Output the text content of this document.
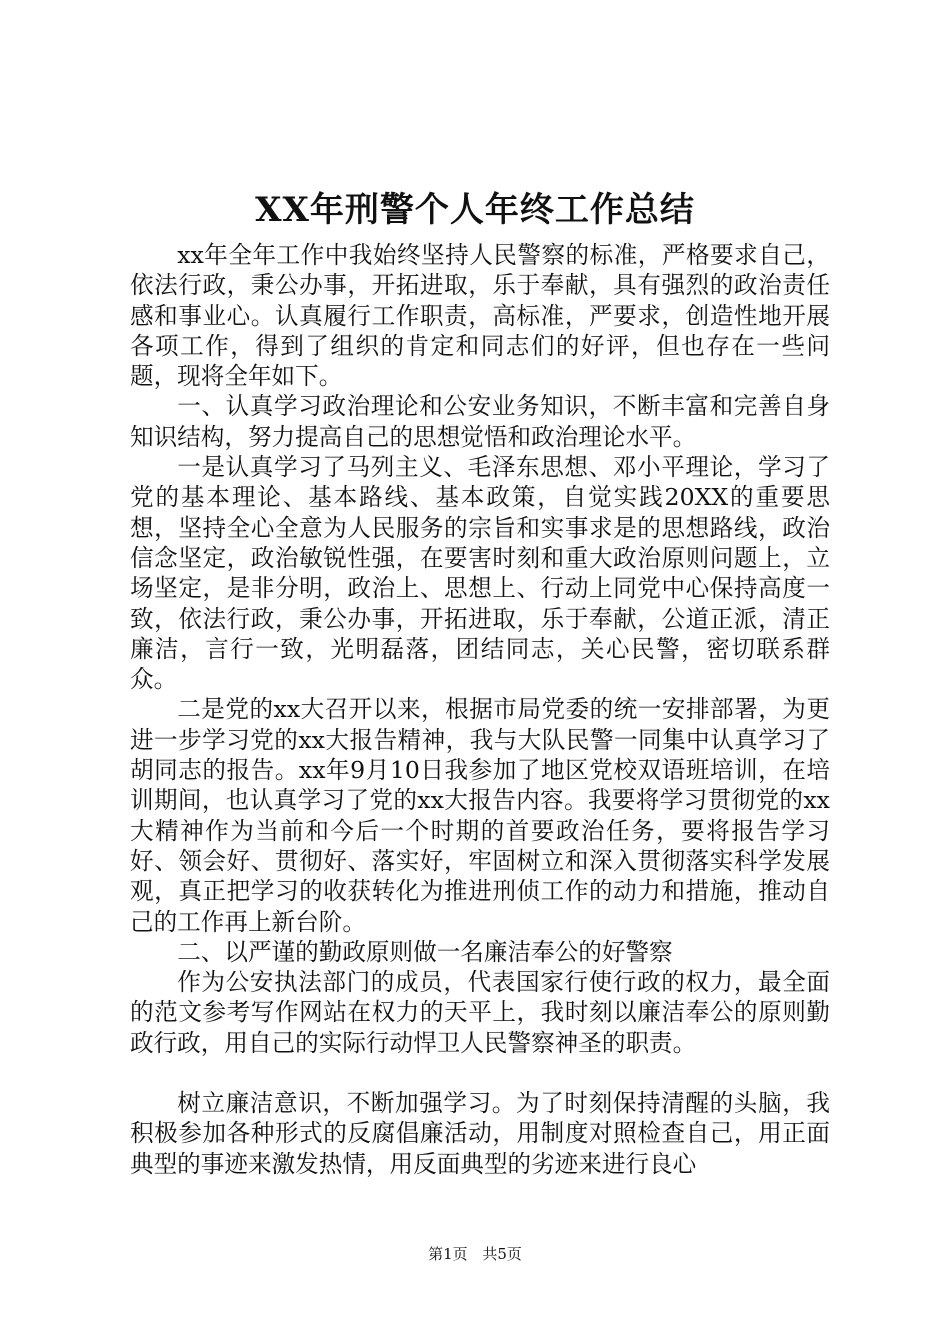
XX年刑警个人年终工作总结

xx年全年工作中我始终坚持人民警察的标准，严格要求自己，依法行政，秉公办事，开拓进取，乐于奉献，具有强烈的政治责任感和事业心。认真履行工作职责，高标准，严要求，创造性地开展各项工作，得到了组织的肯定和同志们的好评，但也存在一些问题，现将全年如下。

一、认真学习政治理论和公安业务知识，不断丰富和完善自身知识结构，努力提高自己的思想觉悟和政治理论水平。

一是认真学习了马列主义、毛泽东思想、邓小平理论，学习了党的基本理论、基本路线、基本政策，自觉实践20XX的重要思想，坚持全心全意为人民服务的宗旨和实事求是的思想路线，政治信念坚定，政治敏锐性强，在要害时刻和重大政治原则问题上，立场坚定，是非分明，政治上、思想上、行动上同党中心保持高度一致，依法行政，秉公办事，开拓进取，乐于奉献，公道正派，清正廉洁，言行一致，光明磊落，团结同志，关心民警，密切联系群众。

二是党的xx大召开以来，根据市局党委的统一安排部署，为更进一步学习党的xx大报告精神，我与大队民警一同集中认真学习了胡同志的报告。xx年9月10日我参加了地区党校双语班培训，在培训期间，也认真学习了党的xx大报告内容。我要将学习贯彻党的xx大精神作为当前和今后一个时期的首要政治任务，要将报告学习好、领会好、贯彻好、落实好，牢固树立和深入贯彻落实科学发展观，真正把学习的收获转化为推进刑侦工作的动力和措施，推动自己的工作再上新台阶。

二、以严谨的勤政原则做一名廉洁奉公的好警察

作为公安执法部门的成员，代表国家行使行政的权力，最全面的范文参考写作网站在权力的天平上，我时刻以廉洁奉公的原则勤政行政，用自己的实际行动悍卫人民警察神圣的职责。

树立廉洁意识，不断加强学习。为了时刻保持清醒的头脑，我积极参加各种形式的反腐倡廉活动，用制度对照检查自己，用正面典型的事迹来激发热情，用反面典型的劣迹来进行良心

第1页 共5页
